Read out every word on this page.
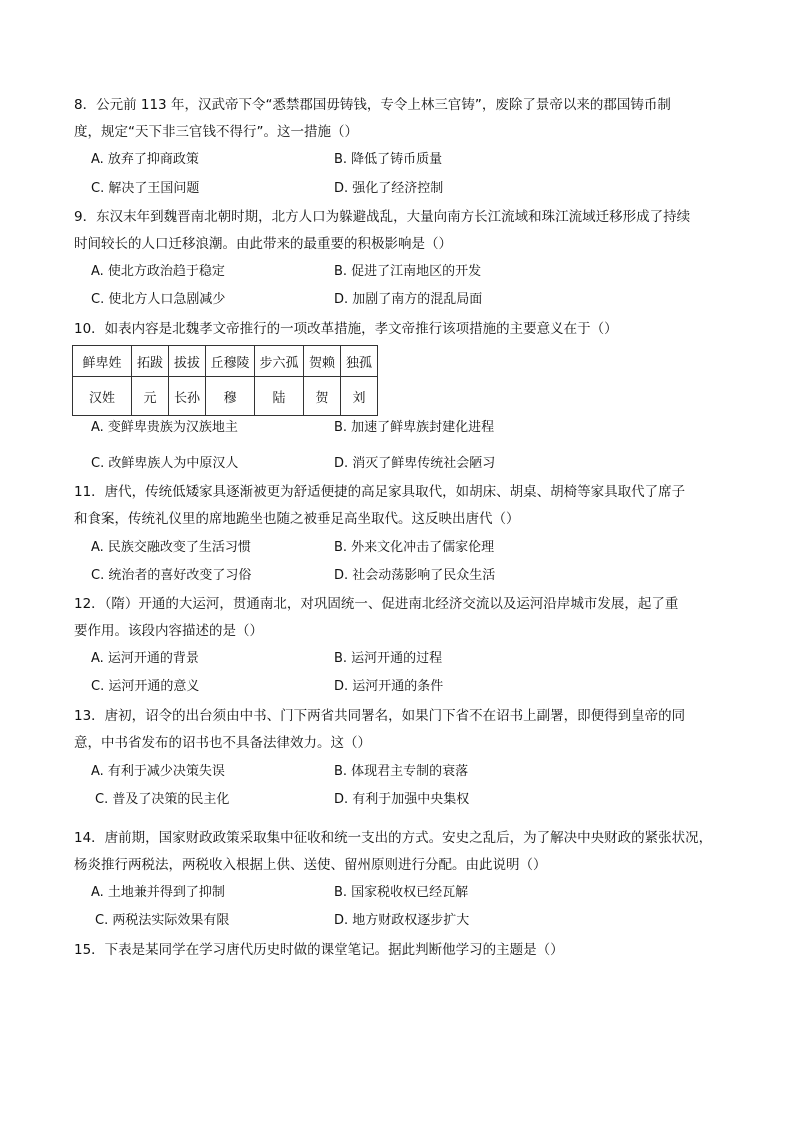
8．公元前 113 年，汉武帝下令“悉禁郡国毋铸钱，专令上林三官铸”，废除了景帝以来的郡国铸币制
度，规定“天下非三官钱不得行”。这一措施（）
A. 放弃了抑商政策	B. 降低了铸币质量
C. 解决了王国问题	D. 强化了经济控制
9．东汉末年到魏晋南北朝时期，北方人口为躲避战乱，大量向南方长江流域和珠江流域迁移形成了持续
时间较长的人口迁移浪潮。由此带来的最重要的积极影响是（）
A. 使北方政治趋于稳定	B. 促进了江南地区的开发
C. 使北方人口急剧减少	D. 加剧了南方的混乱局面
10．如表内容是北魏孝文帝推行的一项改革措施，孝文帝推行该项措施的主要意义在于（）
鲜卑姓	拓跋	拔拔	丘穆陵	步六孤	贺赖	独孤
汉姓	元	长孙	穆	陆	贺	刘
A. 变鲜卑贵族为汉族地主	B. 加速了鲜卑族封建化进程
C. 改鲜卑族人为中原汉人	D. 消灭了鲜卑传统社会陋习
11．唐代，传统低矮家具逐渐被更为舒适便捷的高足家具取代，如胡床、胡桌、胡椅等家具取代了席子
和食案，传统礼仪里的席地跪坐也随之被垂足高坐取代。这反映出唐代（）
A. 民族交融改变了生活习惯	B. 外来文化冲击了儒家伦理
C. 统治者的喜好改变了习俗	D. 社会动荡影响了民众生活
12．（隋）开通的大运河，贯通南北，对巩固统一、促进南北经济交流以及运河沿岸城市发展，起了重
要作用。该段内容描述的是（）
A. 运河开通的背景	B. 运河开通的过程
C. 运河开通的意义	D. 运河开通的条件
13．唐初，诏令的出台须由中书、门下两省共同署名，如果门下省不在诏书上副署，即便得到皇帝的同
意，中书省发布的诏书也不具备法律效力。这（）
A. 有利于减少决策失误	B. 体现君主专制的衰落
C. 普及了决策的民主化	D. 有利于加强中央集权
14．唐前期，国家财政政策采取集中征收和统一支出的方式。安史之乱后，为了解决中央财政的紧张状况，
杨炎推行两税法，两税收入根据上供、送使、留州原则进行分配。由此说明（）
A. 土地兼并得到了抑制	B. 国家税收权已经瓦解
C. 两税法实际效果有限	D. 地方财政权逐步扩大
15．下表是某同学在学习唐代历史时做的课堂笔记。据此判断他学习的主题是（）
